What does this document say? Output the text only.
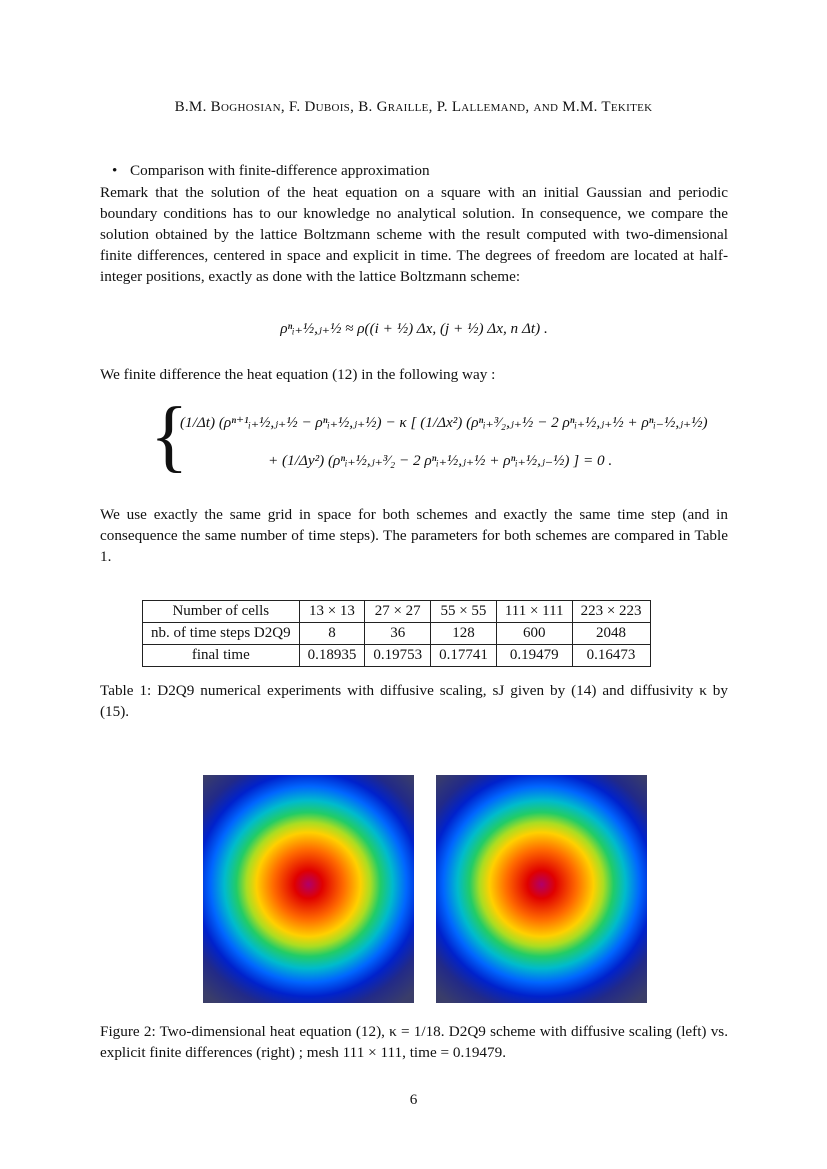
B.M. Boghosian, F. Dubois, B. Graille, P. Lallemand, and M.M. Tekitek
• Comparison with finite-difference approximation
Remark that the solution of the heat equation on a square with an initial Gaussian and periodic boundary conditions has to our knowledge no analytical solution. In consequence, we compare the solution obtained by the lattice Boltzmann scheme with the result computed with two-dimensional finite differences, centered in space and explicit in time. The degrees of freedom are located at half-integer positions, exactly as done with the lattice Boltzmann scheme:
ρⁿᵢ₊½,ⱼ₊½ ≈ ρ((i + ½) Δx, (j + ½) Δx, n Δt) .
We finite difference the heat equation (12) in the following way :
{
(1/Δt) (ρⁿ⁺¹ᵢ₊½,ⱼ₊½ − ρⁿᵢ₊½,ⱼ₊½) − κ [ (1/Δx²) (ρⁿᵢ₊³⁄₂,ⱼ₊½ − 2 ρⁿᵢ₊½,ⱼ₊½ + ρⁿᵢ₋½,ⱼ₊½)
+ (1/Δy²) (ρⁿᵢ₊½,ⱼ₊³⁄₂ − 2 ρⁿᵢ₊½,ⱼ₊½ + ρⁿᵢ₊½,ⱼ₋½) ] = 0 .
We use exactly the same grid in space for both schemes and exactly the same time step (and in consequence the same number of time steps). The parameters for both schemes are compared in Table 1.
Number of cells	13 × 13	27 × 27	55 × 55	111 × 111	223 × 223
nb. of time steps D2Q9	8	36	128	600	2048
final time	0.18935	0.19753	0.17741	0.19479	0.16473
Table 1: D2Q9 numerical experiments with diffusive scaling, sJ given by (14) and diffusivity κ by (15).
Figure 2: Two-dimensional heat equation (12), κ = 1/18. D2Q9 scheme with diffusive scaling (left) vs. explicit finite differences (right) ; mesh 111 × 111, time = 0.19479.
6
